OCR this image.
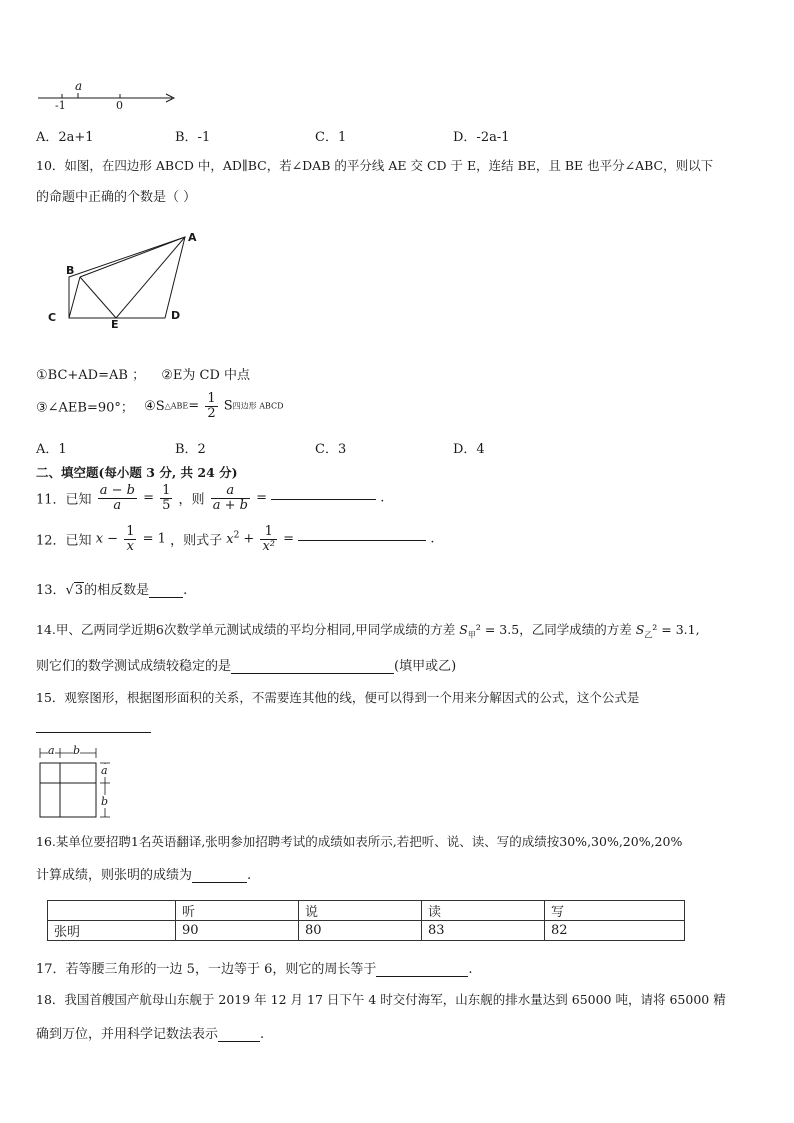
a
-1	0
A．2a+1	B．-1	C．1	D．-2a-1
10．如图，在四边形 ABCD 中，AD∥BC，若∠DAB 的平分线 AE 交 CD 于 E，连结 BE，且 BE 也平分∠ABC，则以下
的命题中正确的个数是（ ）
A
B
C	D
E
①BC+AD=AB ； ②E为 CD 中点
③∠AEB=90°； ④S△ABE= $\frac{1}{2}$ S四边形 ABCD
A．1	B．2	C．3	D．4
二、填空题(每小题 3 分, 共 24 分)
11．已知 $\frac{a - b}{a} = \frac{1}{5}$ ，则 $\frac{a}{a + b}$ =	.
12．已知 $x - \frac{1}{x} = 1$ ，则式子 $x^2 + \frac{1}{\text{x²}}$ =	.
13．√3的相反数是	.
14.甲、乙两同学近期6次数学单元测试成绩的平均分相同,甲同学成绩的方差 $S_甲^2 = 3.5$，乙同学成绩的方差 $S_乙^2 = 3.1$,
则它们的数学测试成绩较稳定的是	(填甲或乙)
15．观察图形，根据图形面积的关系，不需要连其他的线，便可以得到一个用来分解因式的公式，这个公式是
a b
a
b
16.某单位要招聘1名英语翻译,张明参加招聘考试的成绩如表所示,若把听、说、读、写的成绩按30%,30%,20%,20%
计算成绩，则张明的成绩为	.
	听	说	读	写
张明	90	80	83	82
17．若等腰三角形的一边 5，一边等于 6，则它的周长等于	.
18．我国首艘国产航母山东舰于 2019 年 12 月 17 日下午 4 时交付海军，山东舰的排水量达到 65000 吨，请将 65000 精
确到万位，并用科学记数法表示	.
